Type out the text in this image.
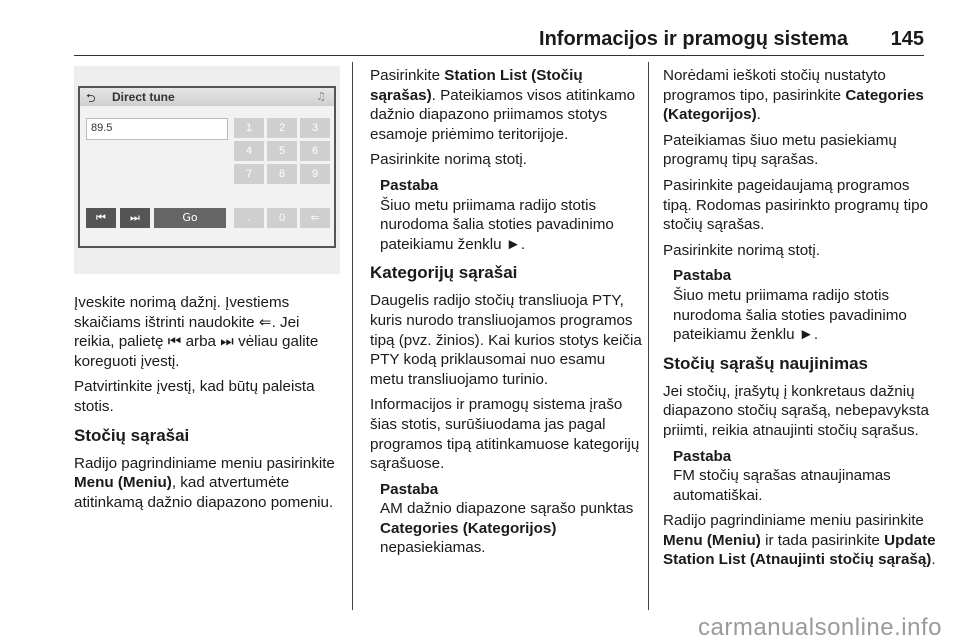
Informacijos ir pramogų sistema 145
⮌ Direct tune	♫
89.5
⏮	⏭	Go
1	2	3
4	5	6
7	8	9
.	0	⇐

Įveskite norimą dažnį. Įvestiems skaičiams ištrinti naudokite ⇐. Jei reikia, palietę ⏮ arba ⏭ vėliau galite koreguoti įvestį.

Patvirtinkite įvestį, kad būtų paleista stotis.

Stočių sąrašai

Radijo pagrindiniame meniu pasirinkite Menu (Meniu), kad atvertumėte atitinkamą dažnio diapazono pomeniu.

Pasirinkite Station List (Stočių sąrašas). Pateikiamos visos atitinkamo dažnio diapazono priimamos stotys esamoje priėmimo teritorijoje.

Pasirinkite norimą stotį.

Pastaba
Šiuo metu priimama radijo stotis nurodoma šalia stoties pavadinimo pateikiamu ženklu ►.
Kategorijų sąrašai

Daugelis radijo stočių transliuoja PTY, kuris nurodo transliuojamos programos tipą (pvz. žinios). Kai kurios stotys keičia PTY kodą priklausomai nuo esamu metu transliuojamo turinio.

Informacijos ir pramogų sistema įrašo šias stotis, surūšiuodama jas pagal programos tipą atitinkamuose kategorijų sąrašuose.

Pastaba
AM dažnio diapazone sąrašo punktas Categories (Kategorijos) nepasiekiamas.

Norėdami ieškoti stočių nustatyto programos tipo, pasirinkite Categories (Kategorijos).

Pateikiamas šiuo metu pasiekiamų programų tipų sąrašas.

Pasirinkite pageidaujamą programos tipą. Rodomas pasirinkto programų tipo stočių sąrašas.

Pasirinkite norimą stotį.

Pastaba
Šiuo metu priimama radijo stotis nurodoma šalia stoties pavadinimo pateikiamu ženklu ►.
Stočių sąrašų naujinimas

Jei stočių, įrašytų į konkretaus dažnių diapazono stočių sąrašą, nebepavyksta priimti, reikia atnaujinti stočių sąrašus.

Pastaba
FM stočių sąrašas atnaujinamas automatiškai.

Radijo pagrindiniame meniu pasirinkite Menu (Meniu) ir tada pasirinkite Update Station List (Atnaujinti stočių sąrašą).

carmanualsonline.info
